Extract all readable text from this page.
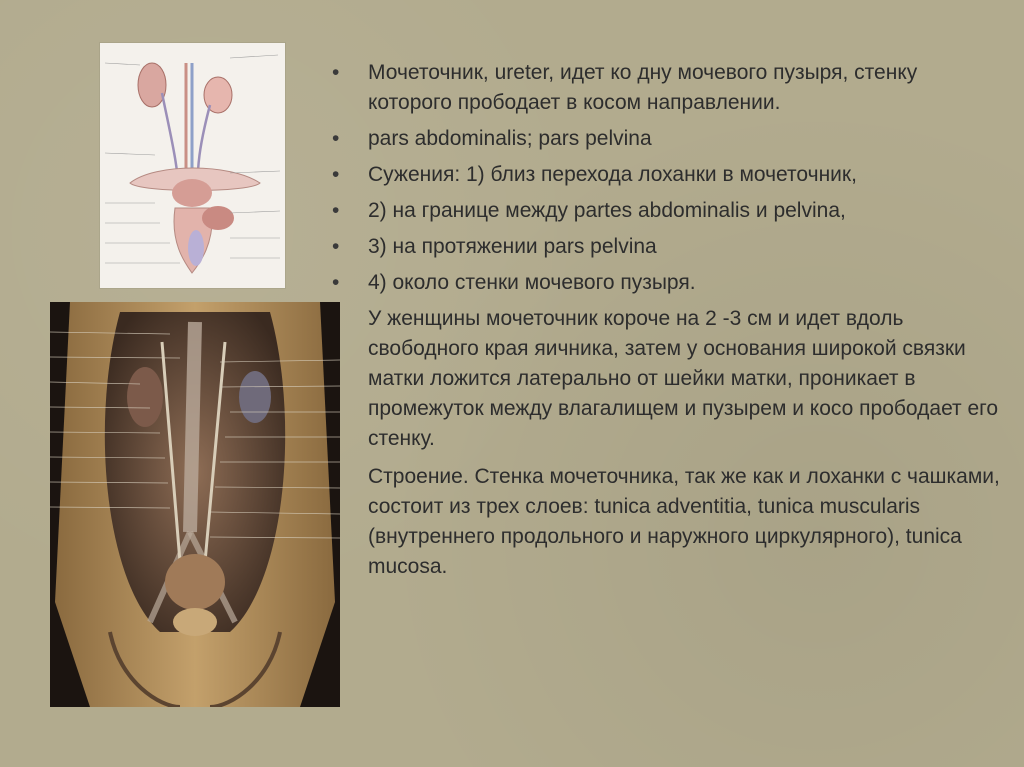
• Мочеточник, ureter, идет ко дну мочевого пузыря, стенку которого прободает в косом направлении.
• pars abdominalis; pars pelvina
• Сужения: 1) близ перехода лоханки в мочеточник,
• 2) на границе между partes abdominalis и pelvina,
• 3) на протяжении pars pelvina
• 4) около стенки мочевого пузыря.

У женщины мочеточник короче на 2 -3 см и идет вдоль свободного края яичника, затем у основания широкой связки матки ложится латерально от шейки матки, проникает в промежуток между влагалищем и пузырем и косо прободает его стенку.

Строение. Стенка мочеточника, так же как и лоханки с чашками, состоит из трех слоев: tunica adventitia, tunica muscularis (внутреннего продольного и наружного циркулярного), tunica mucosa.
